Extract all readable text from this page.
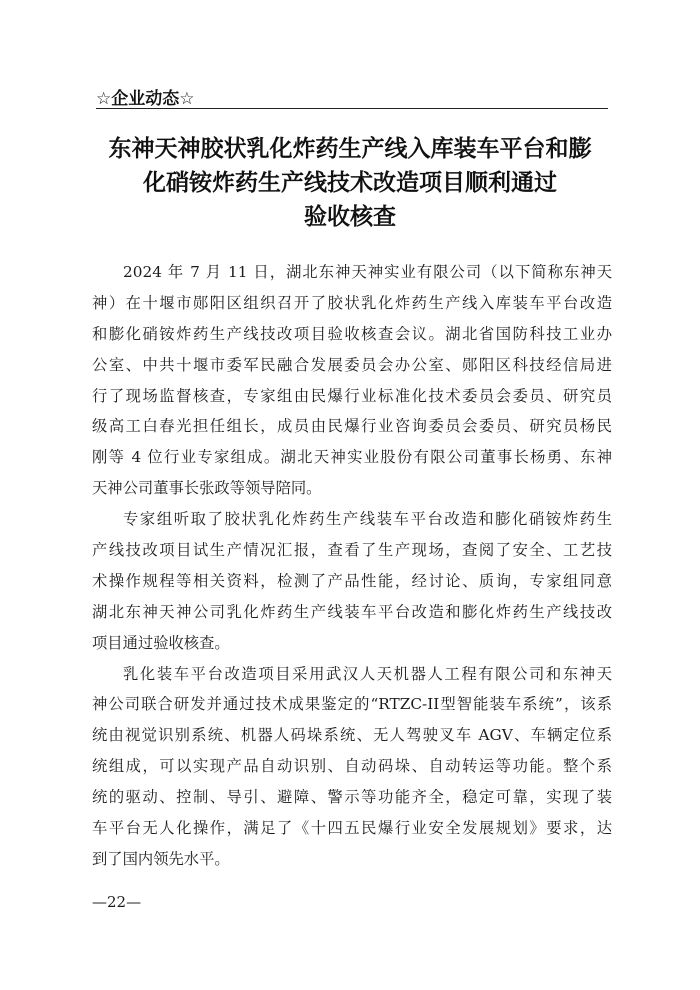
☆企业动态☆
东神天神胶状乳化炸药生产线入库装车平台和膨
化硝铵炸药生产线技术改造项目顺利通过
验收核查
2024 年 7 月 11 日，湖北东神天神实业有限公司（以下简称东神天
神）在十堰市郧阳区组织召开了胶状乳化炸药生产线入库装车平台改造
和膨化硝铵炸药生产线技改项目验收核查会议。湖北省国防科技工业办
公室、中共十堰市委军民融合发展委员会办公室、郧阳区科技经信局进
行了现场监督核查，专家组由民爆行业标准化技术委员会委员、研究员
级高工白春光担任组长，成员由民爆行业咨询委员会委员、研究员杨民
刚等 4 位行业专家组成。湖北天神实业股份有限公司董事长杨勇、东神
天神公司董事长张政等领导陪同。
专家组听取了胶状乳化炸药生产线装车平台改造和膨化硝铵炸药生
产线技改项目试生产情况汇报，查看了生产现场，查阅了安全、工艺技
术操作规程等相关资料，检测了产品性能，经讨论、质询，专家组同意
湖北东神天神公司乳化炸药生产线装车平台改造和膨化炸药生产线技改
项目通过验收核查。
乳化装车平台改造项目采用武汉人天机器人工程有限公司和东神天
神公司联合研发并通过技术成果鉴定的“RTZC-II型智能装车系统”，该系
统由视觉识别系统、机器人码垛系统、无人驾驶叉车 AGV、车辆定位系
统组成，可以实现产品自动识别、自动码垛、自动转运等功能。整个系
统的驱动、控制、导引、避障、警示等功能齐全，稳定可靠，实现了装
车平台无人化操作，满足了《十四五民爆行业安全发展规划》要求，达
到了国内领先水平。
—22—
